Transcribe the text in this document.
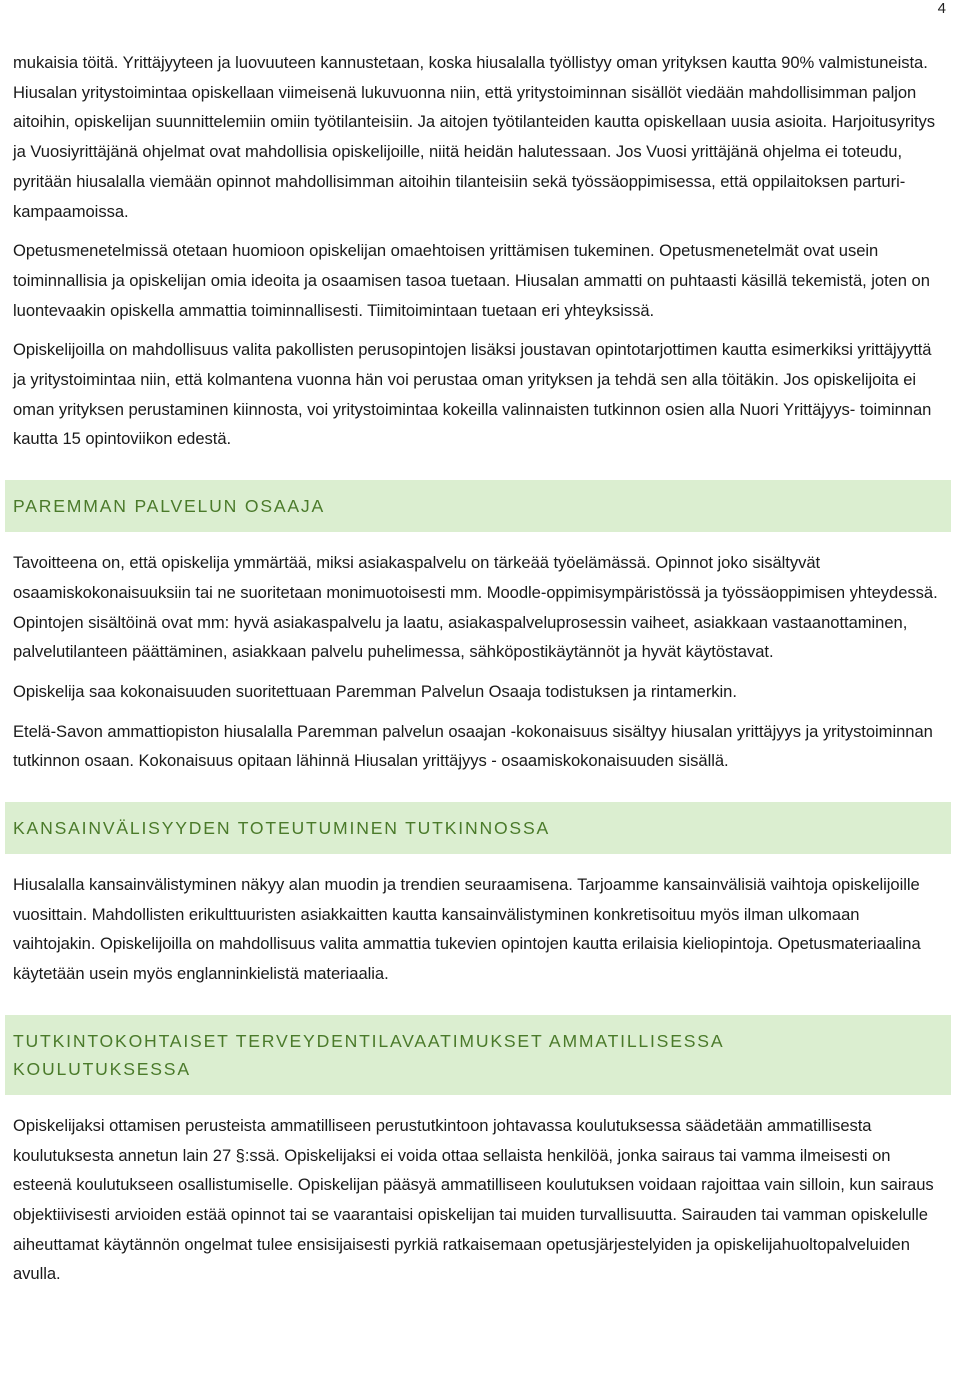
4

mukaisia töitä. Yrittäjyyteen ja luovuuteen kannustetaan, koska hiusalalla työllistyy oman yrityksen kautta 90% valmistuneista. Hiusalan yritystoimintaa opiskellaan viimeisenä lukuvuonna niin, että yritystoiminnan sisällöt viedään mahdollisimman paljon aitoihin, opiskelijan suunnittelemiin omiin työtilanteisiin. Ja aitojen työtilanteiden kautta opiskellaan uusia asioita. Harjoitusyritys ja Vuosiyrittäjänä ohjelmat ovat mahdollisia opiskelijoille, niitä heidän halutessaan. Jos Vuosi yrittäjänä ohjelma ei toteudu, pyritään hiusalalla viemään opinnot mahdollisimman aitoihin tilanteisiin sekä työssäoppimisessa, että oppilaitoksen parturi-kampaamoissa.

Opetusmenetelmissä otetaan huomioon opiskelijan omaehtoisen yrittämisen tukeminen. Opetusmenetelmät ovat usein toiminnallisia ja opiskelijan omia ideoita ja osaamisen tasoa tuetaan. Hiusalan ammatti on puhtaasti käsillä tekemistä, joten on luontevaakin opiskella ammattia toiminnallisesti. Tiimitoimintaan tuetaan eri yhteyksissä.

Opiskelijoilla on mahdollisuus valita pakollisten perusopintojen lisäksi joustavan opintotarjottimen kautta esimerkiksi yrittäjyyttä ja yritystoimintaa niin, että kolmantena vuonna hän voi perustaa oman yrityksen ja tehdä sen alla töitäkin. Jos opiskelijoita ei oman yrityksen perustaminen kiinnosta, voi yritystoimintaa kokeilla valinnaisten tutkinnon osien alla Nuori Yrittäjyys- toiminnan kautta 15 opintoviikon edestä.

PAREMMAN PALVELUN OSAAJA

Tavoitteena on, että opiskelija ymmärtää, miksi asiakaspalvelu on tärkeää työelämässä. Opinnot joko sisältyvät osaamiskokonaisuuksiin tai ne suoritetaan monimuotoisesti mm. Moodle-oppimisympäristössä ja työssäoppimisen yhteydessä. Opintojen sisältöinä ovat mm: hyvä asiakaspalvelu ja laatu, asiakaspalveluprosessin vaiheet, asiakkaan vastaanottaminen, palvelutilanteen päättäminen, asiakkaan palvelu puhelimessa, sähköpostikäytännöt ja hyvät käytöstavat.

Opiskelija saa kokonaisuuden suoritettuaan Paremman Palvelun Osaaja todistuksen ja rintamerkin.

Etelä-Savon ammattiopiston hiusalalla Paremman palvelun osaajan -kokonaisuus sisältyy hiusalan yrittäjyys ja yritystoiminnan tutkinnon osaan. Kokonaisuus opitaan lähinnä Hiusalan yrittäjyys - osaamiskokonaisuuden sisällä.

KANSAINVÄLISYYDEN TOTEUTUMINEN TUTKINNOSSA

Hiusalalla kansainvälistyminen näkyy alan muodin ja trendien seuraamisena. Tarjoamme kansainvälisiä vaihtoja opiskelijoille vuosittain. Mahdollisten erikulttuuristen asiakkaitten kautta kansainvälistyminen konkretisoituu myös ilman ulkomaan vaihtojakin. Opiskelijoilla on mahdollisuus valita ammattia tukevien opintojen kautta erilaisia kieliopintoja. Opetusmateriaalina käytetään usein myös englanninkielistä materiaalia.

TUTKINTOKOHTAISET TERVEYDENTILAVAATIMUKSET AMMATILLISESSA
KOULUTUKSESSA

Opiskelijaksi ottamisen perusteista ammatilliseen perustutkintoon johtavassa koulutuksessa säädetään ammatillisesta koulutuksesta annetun lain 27 §:ssä. Opiskelijaksi ei voida ottaa sellaista henkilöä, jonka sairaus tai vamma ilmeisesti on esteenä koulutukseen osallistumiselle. Opiskelijan pääsyä ammatilliseen koulutuksen voidaan rajoittaa vain silloin, kun sairaus objektiivisesti arvioiden estää opinnot tai se vaarantaisi opiskelijan tai muiden turvallisuutta. Sairauden tai vamman opiskelulle aiheuttamat käytännön ongelmat tulee ensisijaisesti pyrkiä ratkaisemaan opetusjärjestelyiden ja opiskelijahuoltopalveluiden avulla.
